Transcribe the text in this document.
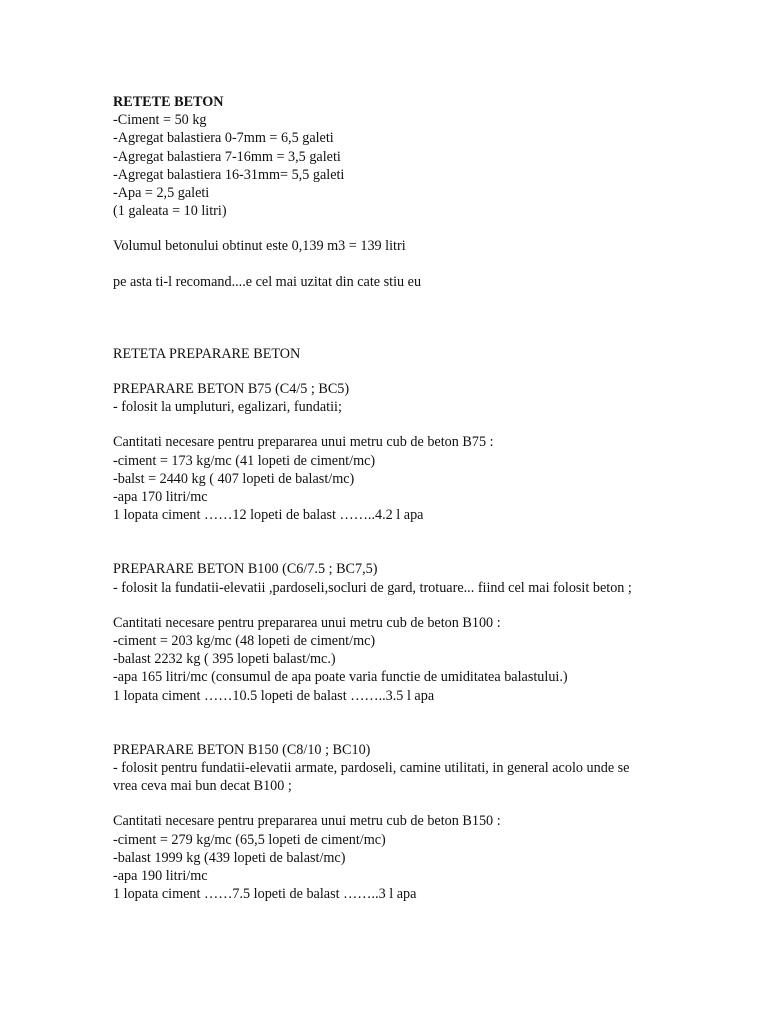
RETETE BETON
-Ciment = 50 kg
-Agregat balastiera 0-7mm = 6,5 galeti
-Agregat balastiera 7-16mm = 3,5 galeti
-Agregat balastiera 16-31mm= 5,5 galeti
-Apa = 2,5 galeti
(1 galeata = 10 litri)
Volumul betonului obtinut este 0,139 m3 = 139 litri
pe asta ti-l recomand....e cel mai uzitat din cate stiu eu
RETETA PREPARARE BETON
PREPARARE BETON B75 (C4/5 ; BC5)
- folosit la umpluturi, egalizari, fundatii;
Cantitati necesare pentru prepararea unui metru cub de beton B75 :
-ciment = 173 kg/mc (41 lopeti de ciment/mc)
-balst = 2440 kg ( 407 lopeti de balast/mc)
-apa 170 litri/mc
1 lopata ciment ……12 lopeti de balast ……..4.2 l apa
PREPARARE BETON B100 (C6/7.5 ; BC7,5)
- folosit la fundatii-elevatii ,pardoseli,socluri de gard, trotuare... fiind cel mai folosit beton ;
Cantitati necesare pentru prepararea unui metru cub de beton B100 :
-ciment = 203 kg/mc (48 lopeti de ciment/mc)
-balast 2232 kg ( 395 lopeti balast/mc.)
-apa 165 litri/mc (consumul de apa poate varia functie de umiditatea balastului.)
1 lopata ciment ……10.5 lopeti de balast ……..3.5 l apa
PREPARARE BETON B150 (C8/10 ; BC10)
- folosit pentru fundatii-elevatii armate, pardoseli, camine utilitati, in general acolo unde se vrea ceva mai bun decat B100 ;
Cantitati necesare pentru prepararea unui metru cub de beton B150 :
-ciment = 279 kg/mc (65,5 lopeti de ciment/mc)
-balast 1999 kg (439 lopeti de balast/mc)
-apa 190 litri/mc
1 lopata ciment ……7.5 lopeti de balast ……..3 l apa
